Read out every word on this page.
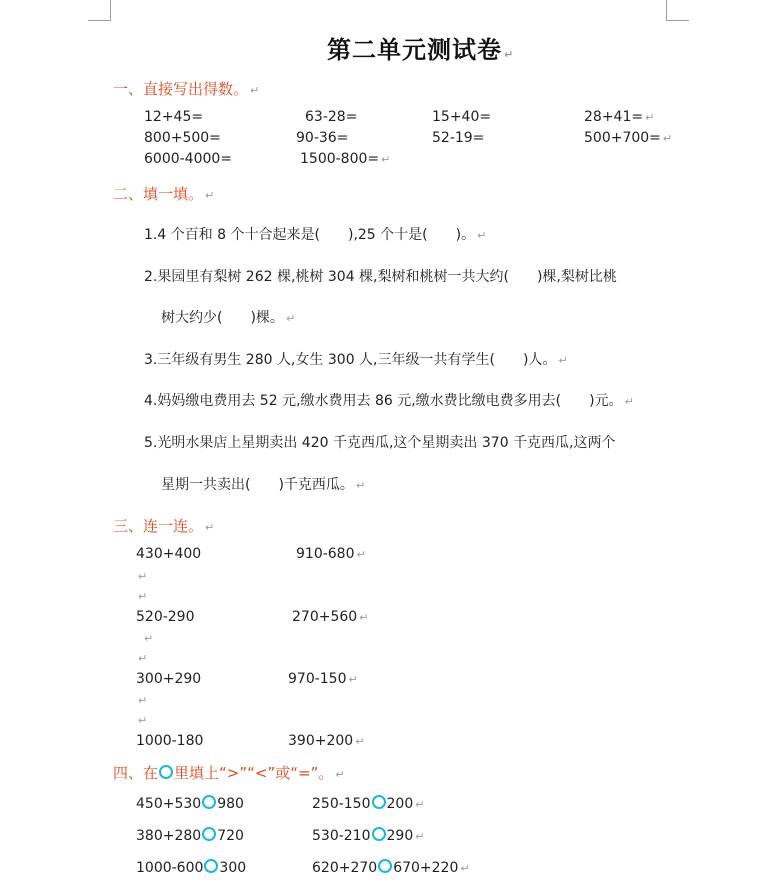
第二单元测试卷 ↵
一、直接写出得数。 ↵
12+45=	63-28=	15+40=	28+41= ↵
800+500=	90-36=	52-19=	500+700= ↵
6000-4000=	1500-800= ↵
二、填一填。 ↵
1.4 个百和 8 个十合起来是(　　),25 个十是(　　)。 ↵
2.果园里有梨树 262 棵,桃树 304 棵,梨树和桃树一共大约(　　)棵,梨树比桃
树大约少(　　)棵。 ↵
3.三年级有男生 280 人,女生 300 人,三年级一共有学生(　　)人。 ↵
4.妈妈缴电费用去 52 元,缴水费用去 86 元,缴水费比缴电费多用去(　　)元。 ↵
5.光明水果店上星期卖出 420 千克西瓜,这个星期卖出 370 千克西瓜,这两个
星期一共卖出(　　)千克西瓜。 ↵
三、连一连。 ↵
430+400	910-680 ↵
↵
↵
520-290	270+560 ↵
↵
↵
300+290	970-150 ↵
↵
↵
1000-180	390+200 ↵
四、在 里填上“>”“<”或“=”。 ↵
450+530 980	250-150 200 ↵
380+280 720	530-210 290 ↵
1000-600 300	620+270 670+220 ↵
